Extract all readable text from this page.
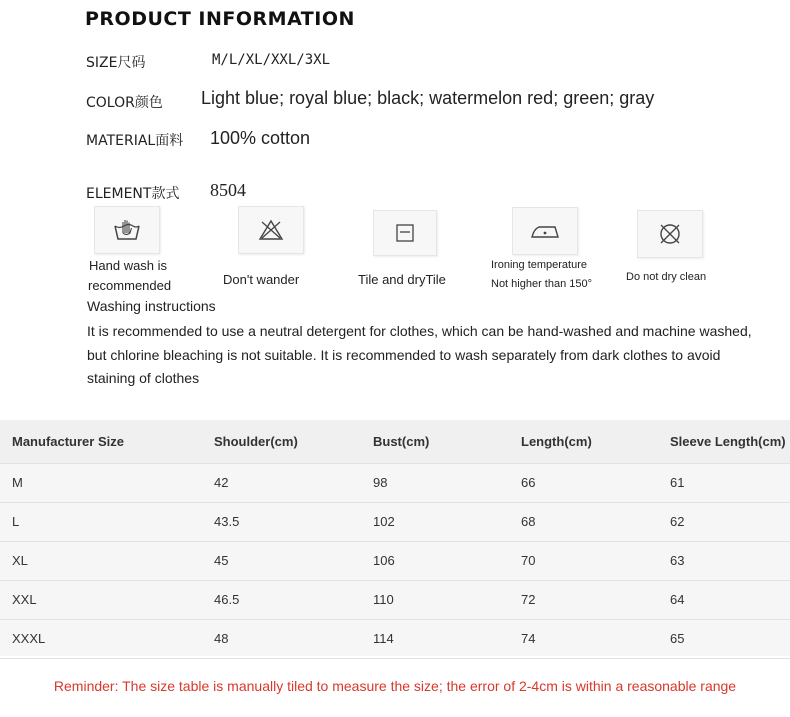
PRODUCT INFORMATION
SIZE尺码	M/L/XL/XXL/3XL
COLOR颜色 Light blue; royal blue; black; watermelon red; green; gray
MATERIAL面料 100% cotton
ELEMENT款式 8504
Hand wash is
recommended	Don't wander	Tile and dryTile
Ironing temperature
Not higher than 150°
Do not dry clean
Washing instructions
It is recommended to use a neutral detergent for clothes, which can be hand-washed and machine washed, but chlorine bleaching is not suitable. It is recommended to wash separately from dark clothes to avoid staining of clothes
Manufacturer Size	Shoulder(cm)	Bust(cm)	Length(cm)	Sleeve Length(cm)
M	42	98	66	61
L	43.5	102	68	62
XL	45	106	70	63
XXL	46.5	110	72	64
XXXL	48	114	74	65
Reminder: The size table is manually tiled to measure the size; the error of 2-4cm is within a reasonable range
